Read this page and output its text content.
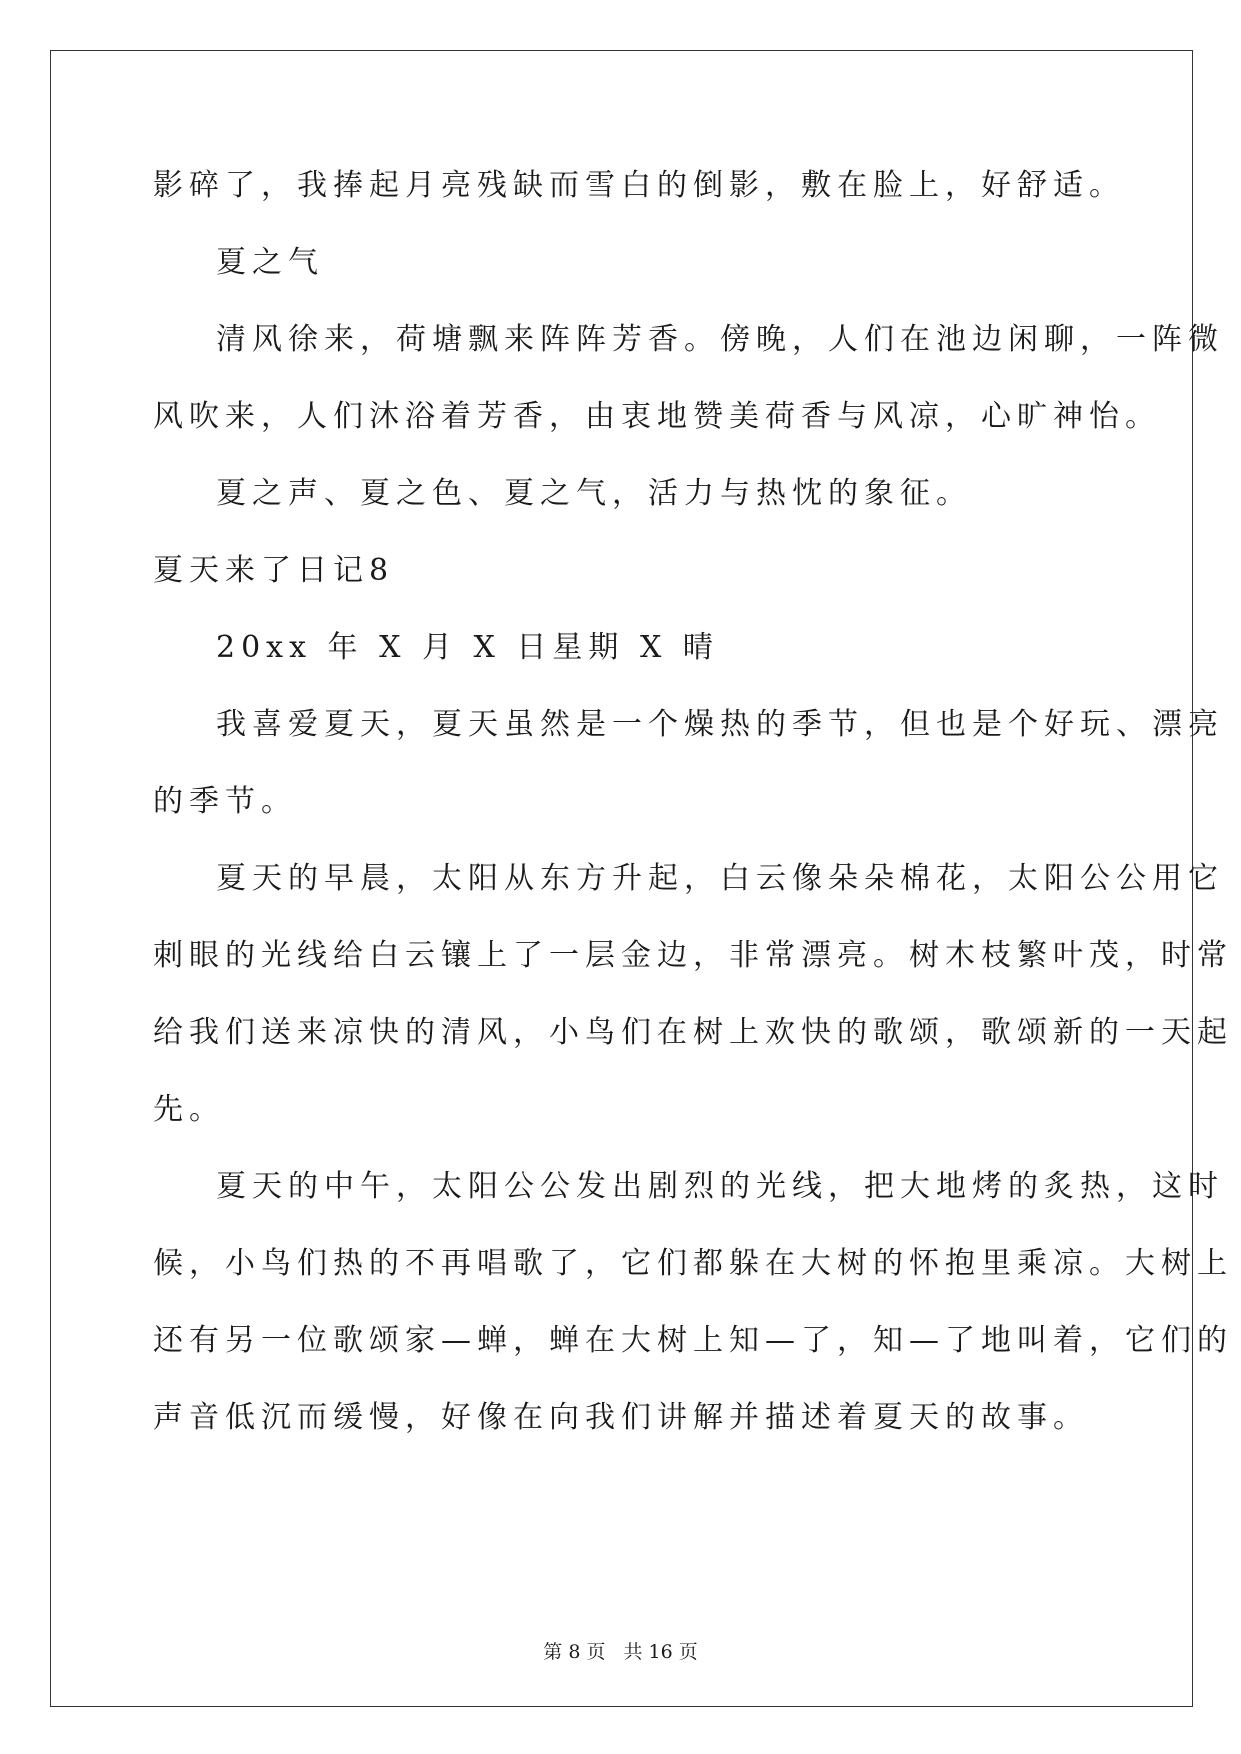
影碎了，我捧起月亮残缺而雪白的倒影，敷在脸上，好舒适。
夏之气
清风徐来，荷塘飘来阵阵芳香。傍晚，人们在池边闲聊，一阵微
风吹来，人们沐浴着芳香，由衷地赞美荷香与风凉，心旷神怡。
夏之声、夏之色、夏之气，活力与热忱的象征。
夏天来了日记8
20xx 年 X 月 X 日星期 X 晴
我喜爱夏天，夏天虽然是一个燥热的季节，但也是个好玩、漂亮
的季节。
夏天的早晨，太阳从东方升起，白云像朵朵棉花，太阳公公用它
刺眼的光线给白云镶上了一层金边，非常漂亮。树木枝繁叶茂，时常
给我们送来凉快的清风，小鸟们在树上欢快的歌颂，歌颂新的一天起
先。
夏天的中午，太阳公公发出剧烈的光线，把大地烤的炙热，这时
候，小鸟们热的不再唱歌了，它们都躲在大树的怀抱里乘凉。大树上
还有另一位歌颂家—蝉，蝉在大树上知—了，知—了地叫着，它们的
声音低沉而缓慢，好像在向我们讲解并描述着夏天的故事。
第 8 页 共 16 页
